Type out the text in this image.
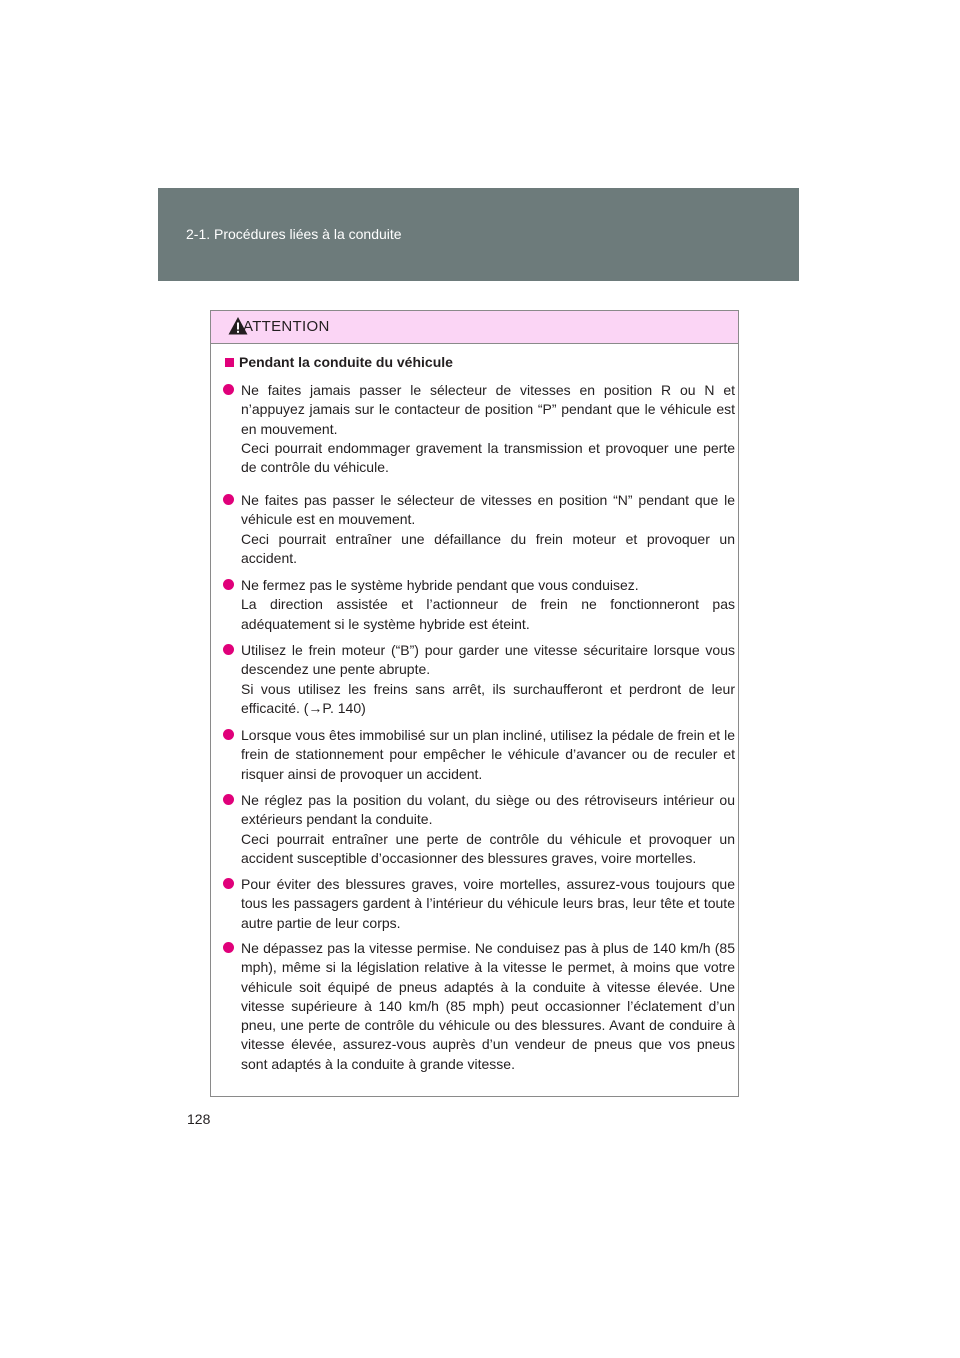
2-1. Procédures liées à la conduite
ATTENTION
Pendant la conduite du véhicule
Ne faites jamais passer le sélecteur de vitesses en position R ou N et n’appuyez jamais sur le contacteur de position “P” pendant que le véhicule est en mouvement.
Ceci pourrait endommager gravement la transmission et provoquer une perte de contrôle du véhicule.
Ne faites pas passer le sélecteur de vitesses en position “N” pendant que le véhicule est en mouvement.
Ceci pourrait entraîner une défaillance du frein moteur et provoquer un accident.
Ne fermez pas le système hybride pendant que vous conduisez.
La direction assistée et l’actionneur de frein ne fonctionneront pas adéquatement si le système hybride est éteint.
Utilisez le frein moteur (“B”) pour garder une vitesse sécuritaire lorsque vous descendez une pente abrupte.
Si vous utilisez les freins sans arrêt, ils surchaufferont et perdront de leur efficacité. (→P. 140)
Lorsque vous êtes immobilisé sur un plan incliné, utilisez la pédale de frein et le frein de stationnement pour empêcher le véhicule d’avancer ou de reculer et risquer ainsi de provoquer un accident.
Ne réglez pas la position du volant, du siège ou des rétroviseurs intérieur ou extérieurs pendant la conduite.
Ceci pourrait entraîner une perte de contrôle du véhicule et provoquer un accident susceptible d’occasionner des blessures graves, voire mortelles.
Pour éviter des blessures graves, voire mortelles, assurez-vous toujours que tous les passagers gardent à l’intérieur du véhicule leurs bras, leur tête et toute autre partie de leur corps.
Ne dépassez pas la vitesse permise. Ne conduisez pas à plus de 140 km/h (85 mph), même si la législation relative à la vitesse le permet, à moins que votre véhicule soit équipé de pneus adaptés à la conduite à vitesse élevée. Une vitesse supérieure à 140 km/h (85 mph) peut occasionner l’éclatement d’un pneu, une perte de contrôle du véhicule ou des blessures. Avant de conduire à vitesse élevée, assurez-vous auprès d’un vendeur de pneus que vos pneus sont adaptés à la conduite à grande vitesse.
128
